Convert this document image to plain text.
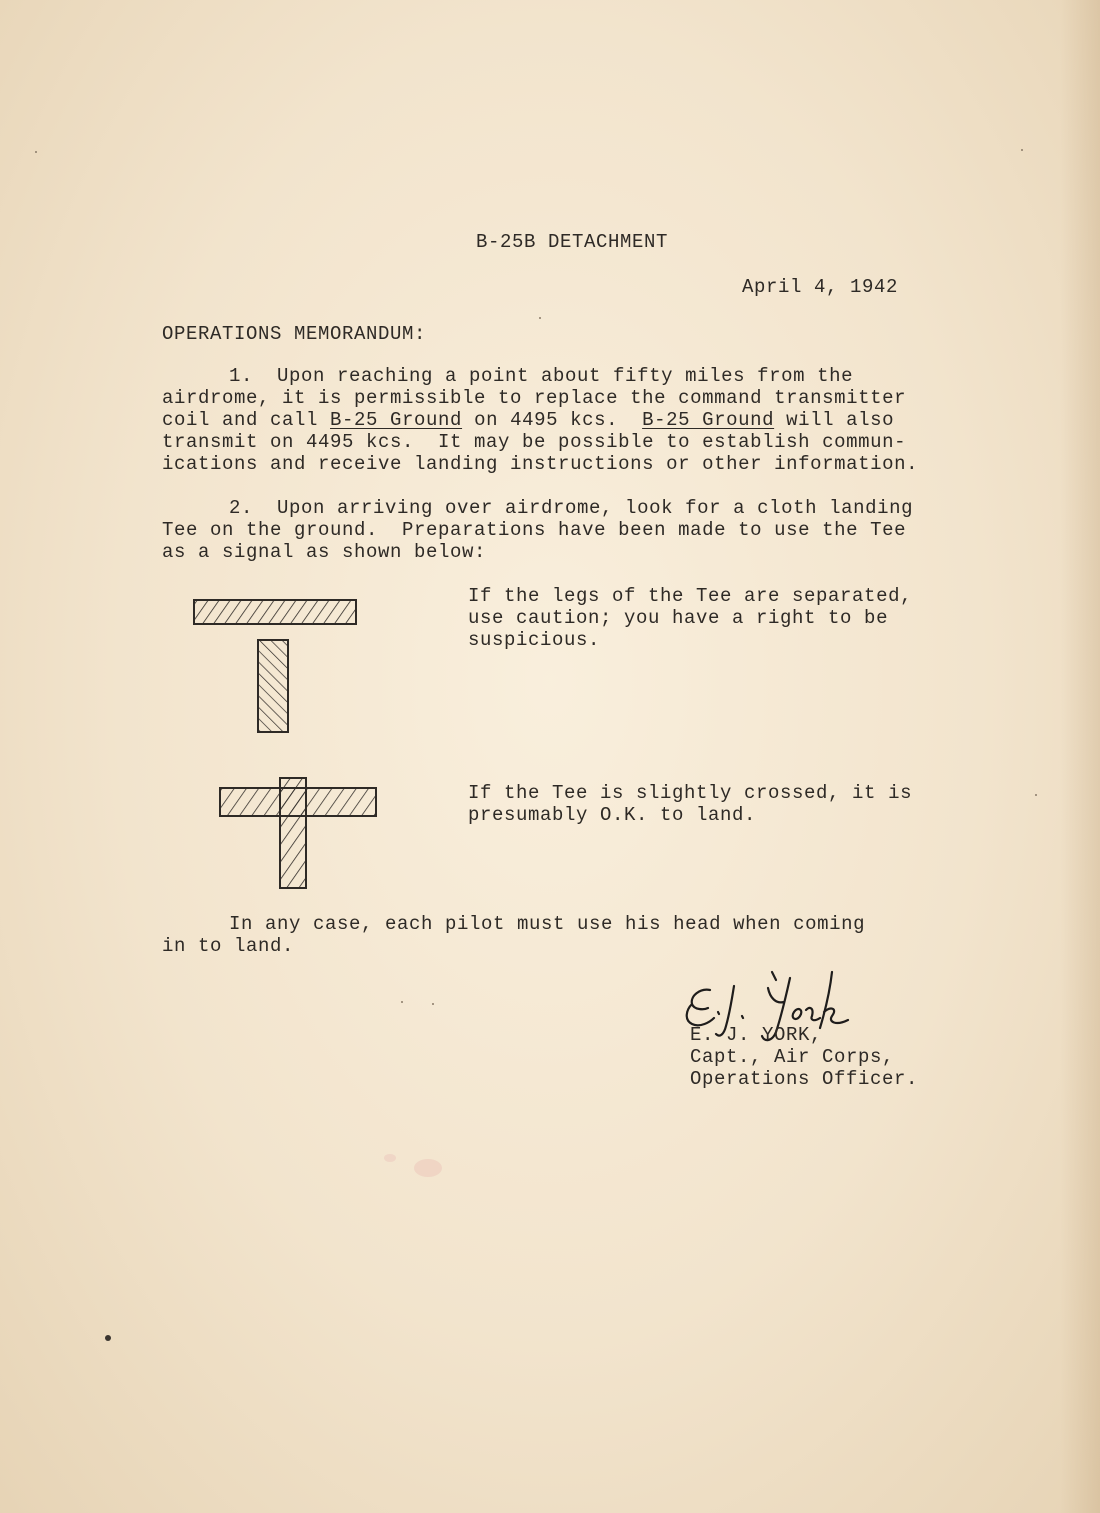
B-25B DETACHMENT
April 4, 1942
OPERATIONS MEMORANDUM:
1.  Upon reaching a point about fifty miles from the
airdrome, it is permissible to replace the command transmitter
coil and call B-25 Ground on 4495 kcs.  B-25 Ground will also
transmit on 4495 kcs.  It may be possible to establish commun-
ications and receive landing instructions or other information.
2.  Upon arriving over airdrome, look for a cloth landing
Tee on the ground.  Preparations have been made to use the Tee
as a signal as shown below:
If the legs of the Tee are separated,
use caution; you have a right to be
suspicious.
If the Tee is slightly crossed, it is
presumably O.K. to land.
In any case, each pilot must use his head when coming
in to land.
E. J. YORK,
Capt., Air Corps,
Operations Officer.
